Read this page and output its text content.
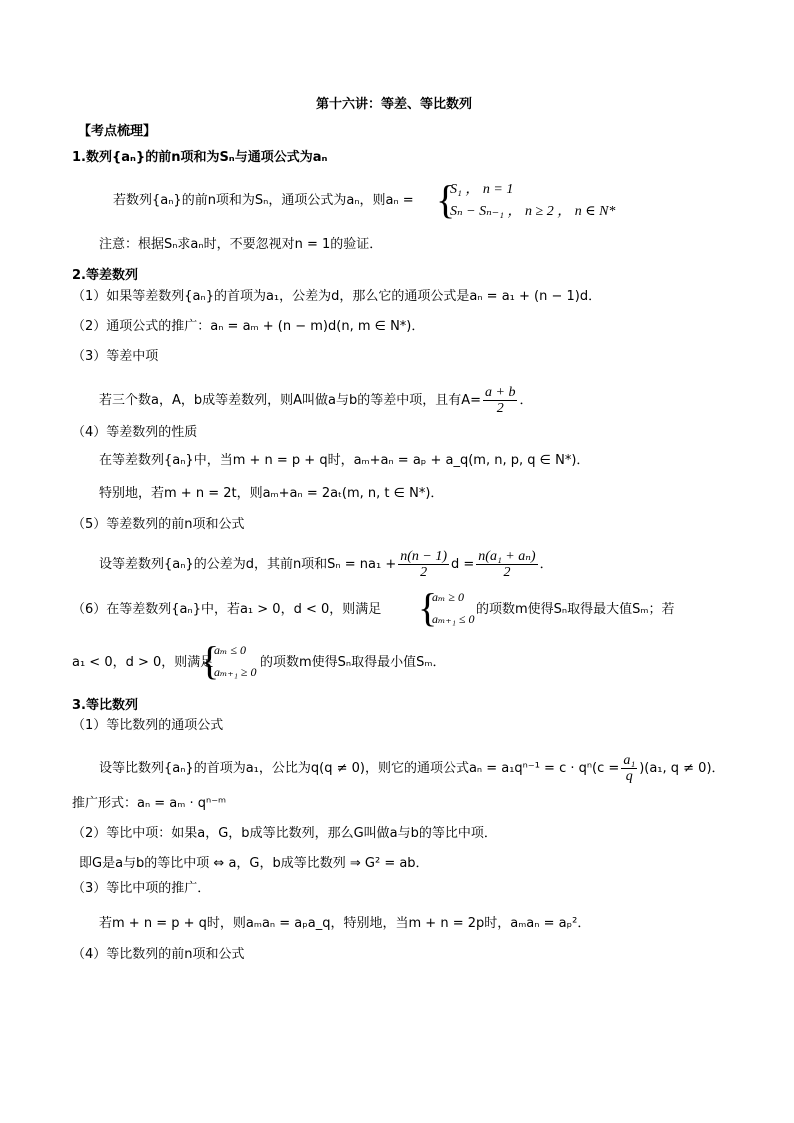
第十六讲：等差、等比数列
【考点梳理】
1.数列{aₙ}的前n项和为Sₙ与通项公式为aₙ
若数列{aₙ}的前n项和为Sₙ，通项公式为aₙ，则aₙ = {
S₁ ， n = 1
Sₙ − Sₙ₋₁ ， n ≥ 2 ， n ∈ N*
注意：根据Sₙ求aₙ时，不要忽视对n = 1的验证．
2.等差数列
（1）如果等差数列{aₙ}的首项为a₁，公差为d，那么它的通项公式是aₙ = a₁ + (n − 1)d．
（2）通项公式的推广：aₙ = aₘ + (n − m)d(n, m ∈ N*)．
（3）等差中项
若三个数a，A，b成等差数列，则A叫做a与b的等差中项，且有$A= \frac{a + b}{2}$ ．
（4）等差数列的性质
在等差数列{aₙ}中，当m + n = p + q时，aₘ+aₙ = aₚ + a_q(m, n, p, q ∈ N*)．
特别地，若m + n = 2t，则aₘ+aₙ = 2aₜ(m, n, t ∈ N*)．
（5）等差数列的前n项和公式
设等差数列{aₙ}的公差为d，其前n项和$S_n = na_1 + \frac{n(n - 1)}{2}$ $d = \frac{\text{n(a₁ + aₙ)}}{2}$ ．
（6）在等差数列{aₙ}中，若a₁ > 0，d < 0，则满足 {
aₘ ≥ 0
aₘ₊₁ ≤ 0
的项数m使得Sₙ取得最大值Sₘ；若
a₁ < 0，d > 0，则满足
{
aₘ ≤ 0
aₘ₊₁ ≥ 0
的项数m使得Sₙ取得最小值Sₘ．
3.等比数列
（1）等比数列的通项公式
设等比数列{aₙ}的首项为a₁，公比为q(q ≠ 0)，则它的通项公式$a_n = a_1q^{n-1} = c \cdot q^n(c = \frac{\text{a₁}}{q} )(a_1$, q ≠ 0)．
推广形式：aₙ = aₘ · qⁿ⁻ᵐ
（2）等比中项：如果a，G，b成等比数列，那么G叫做a与b的等比中项．
即G是a与b的等比中项 ⇔ a，G，b成等比数列 ⇒ G² = ab．
（3）等比中项的推广．
若m + n = p + q时，则aₘaₙ = aₚa_q，特别地，当m + n = 2p时，aₘaₙ = aₚ²．
（4）等比数列的前n项和公式
